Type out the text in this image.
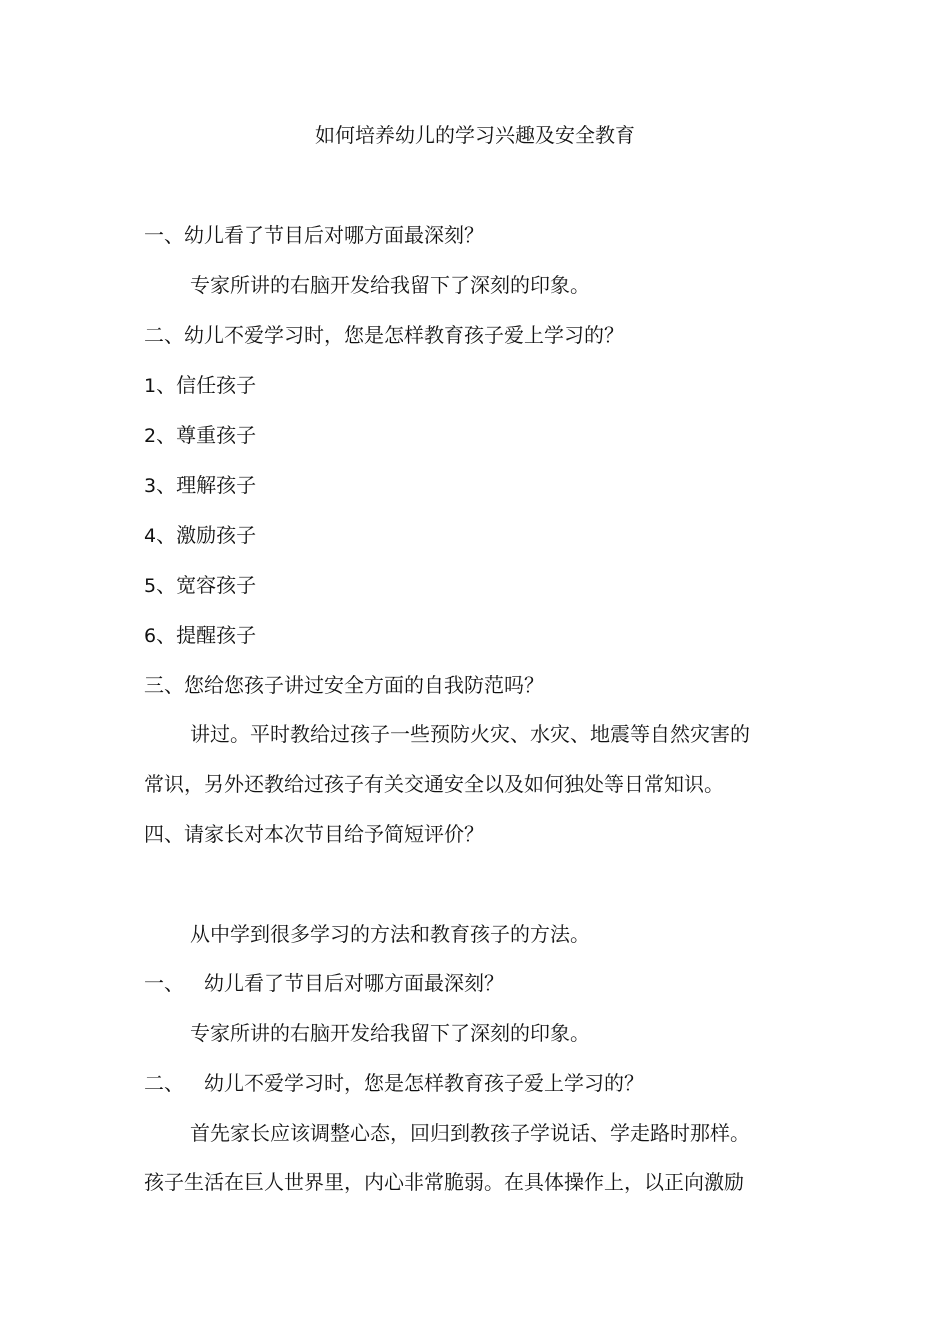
如何培养幼儿的学习兴趣及安全教育
一、幼儿看了节目后对哪方面最深刻？
专家所讲的右脑开发给我留下了深刻的印象。
二、幼儿不爱学习时，您是怎样教育孩子爱上学习的？
1、信任孩子
2、尊重孩子
3、理解孩子
4、激励孩子
5、宽容孩子
6、提醒孩子
三、您给您孩子讲过安全方面的自我防范吗？
讲过。平时教给过孩子一些预防火灾、水灾、地震等自然灾害的
常识，另外还教给过孩子有关交通安全以及如何独处等日常知识。
四、请家长对本次节目给予简短评价？
从中学到很多学习的方法和教育孩子的方法。
一、 幼儿看了节目后对哪方面最深刻？
专家所讲的右脑开发给我留下了深刻的印象。
二、 幼儿不爱学习时，您是怎样教育孩子爱上学习的？
首先家长应该调整心态，回归到教孩子学说话、学走路时那样。
孩子生活在巨人世界里，内心非常脆弱。在具体操作上，以正向激励
